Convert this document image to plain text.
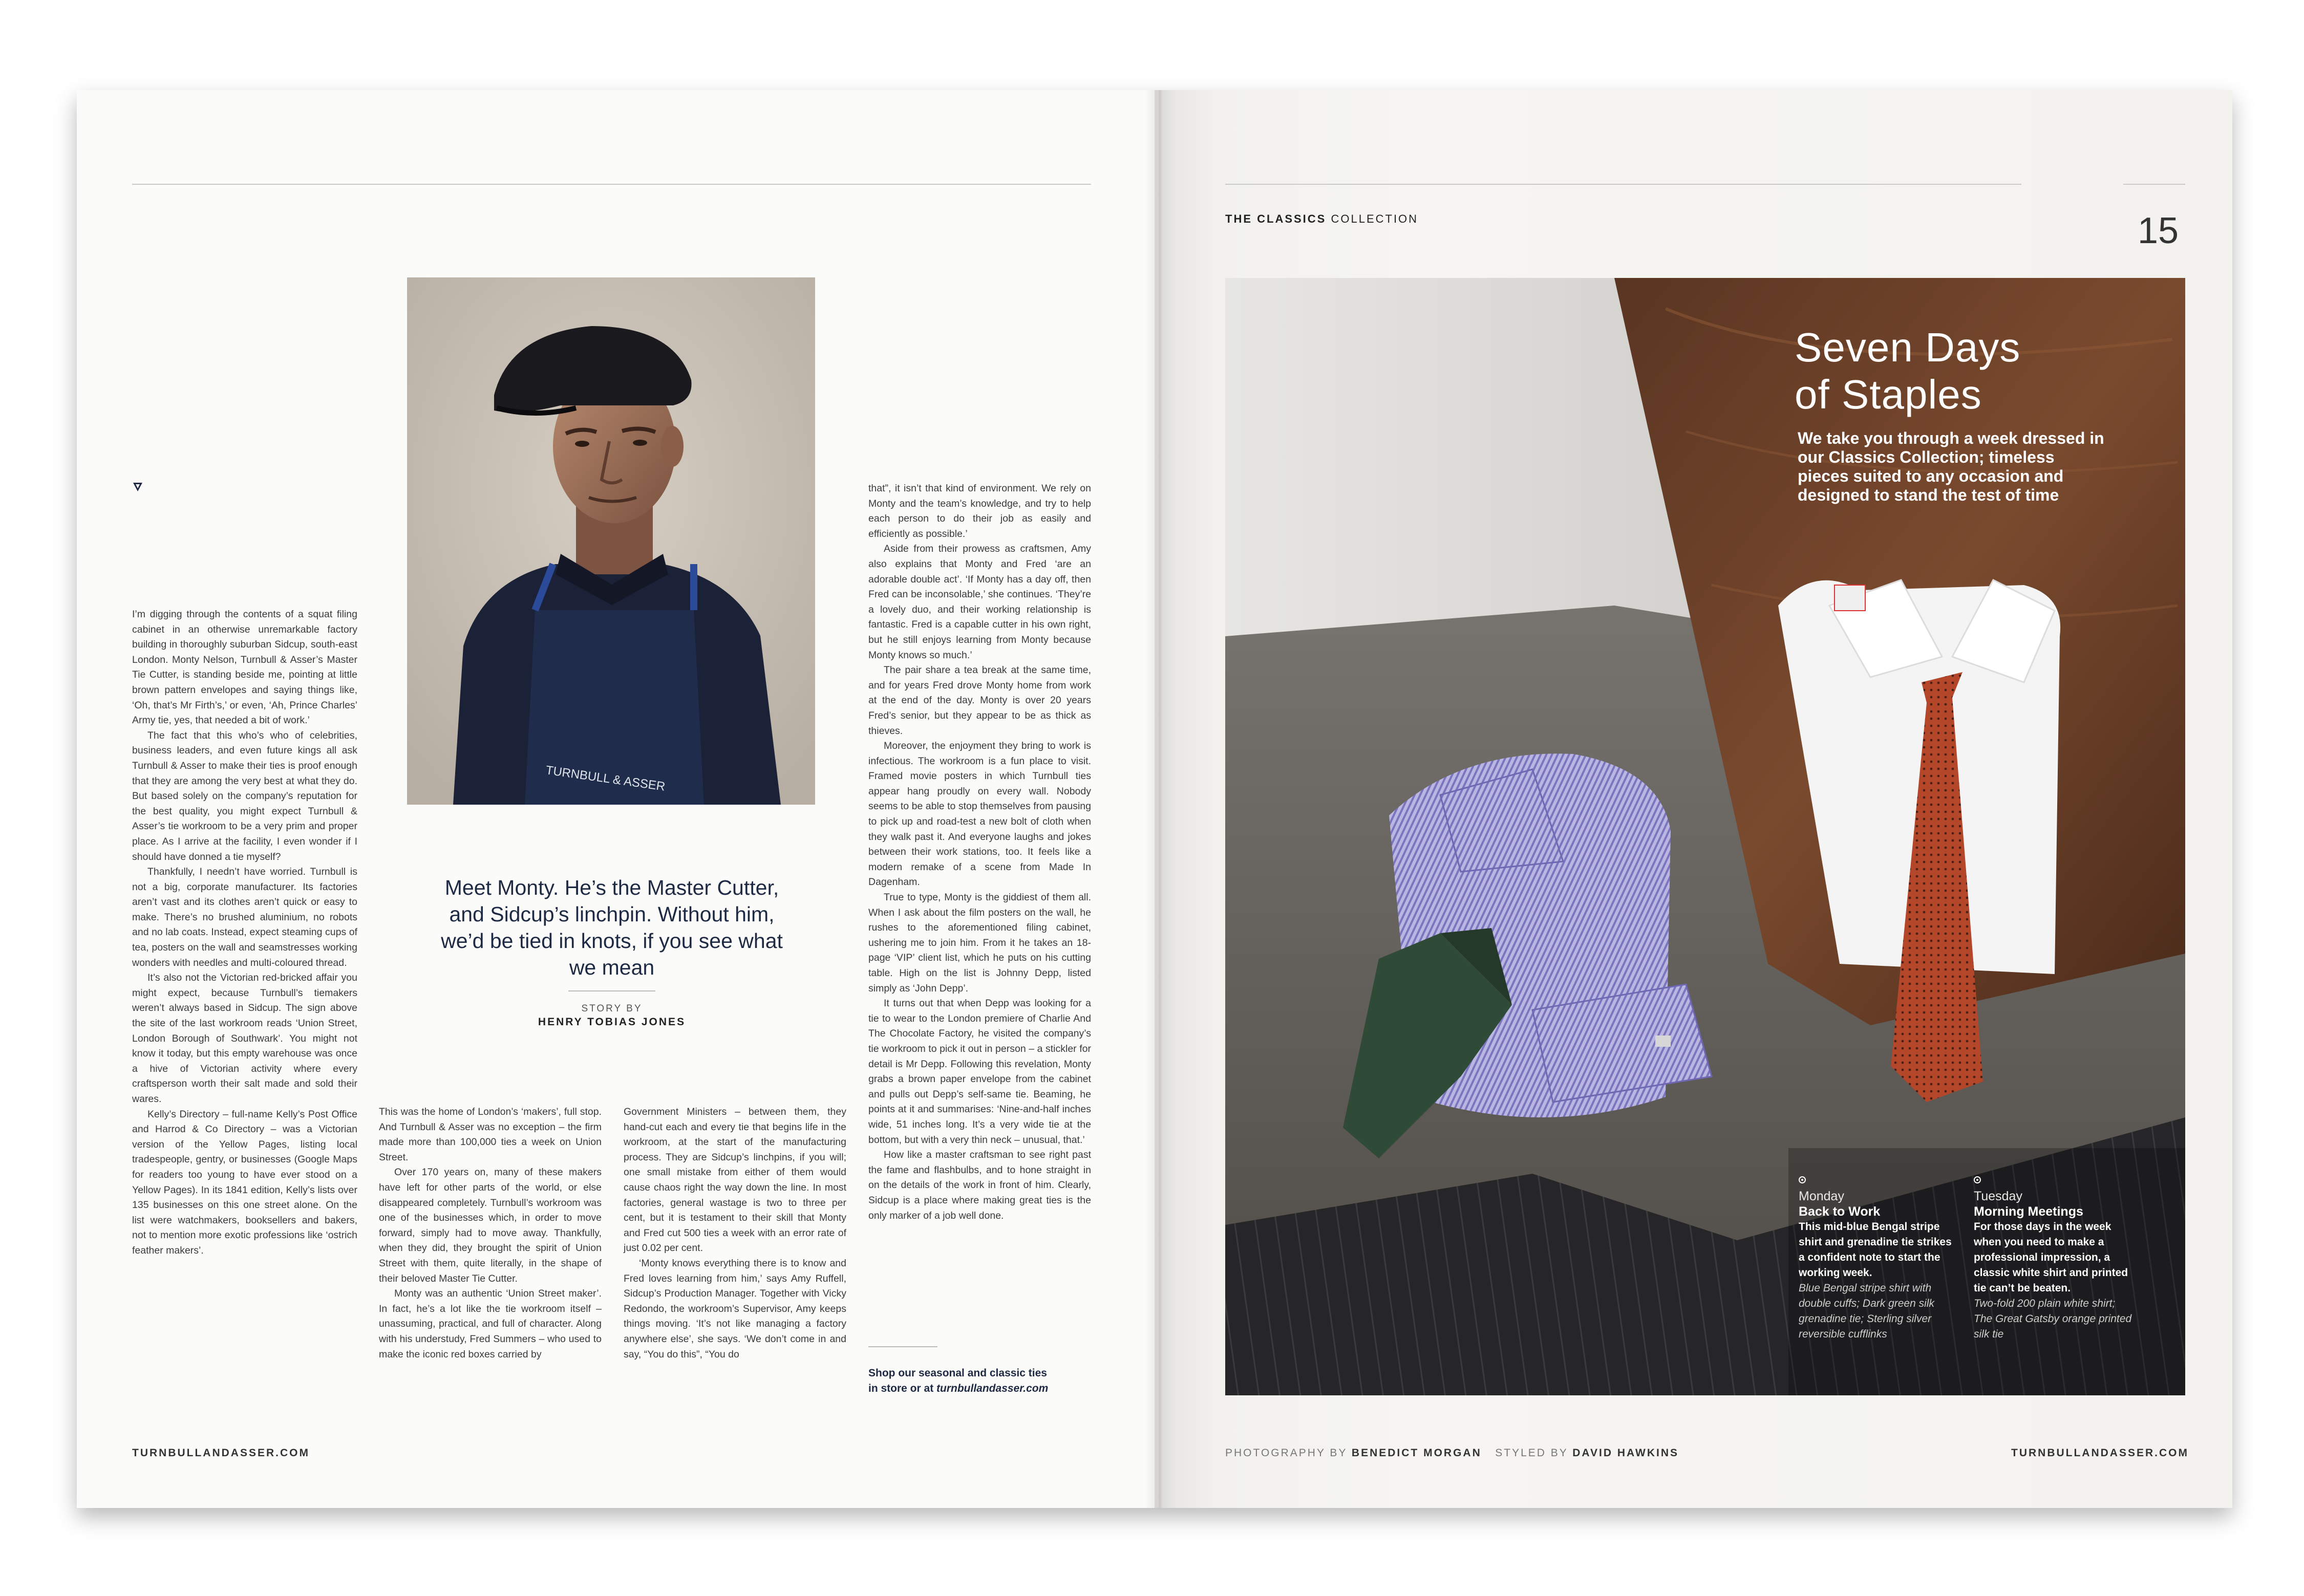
THE CLASSICS COLLECTION	15
TURNBULL & ASSER
Meet Monty. He’s the Master Cutter, and Sidcup’s linchpin. Without him, we’d be tied in knots, if you see what we mean
STORY BY
HENRY TOBIAS JONES

I’m digging through the contents of a squat filing cabinet in an otherwise unremarkable factory building in thoroughly suburban Sidcup, south-east London. Monty Nelson, Turnbull & Asser’s Master Tie Cutter, is standing beside me, pointing at little brown pattern envelopes and saying things like, ‘Oh, that’s Mr Firth’s,’ or even, ‘Ah, Prince Charles’ Army tie, yes, that needed a bit of work.’

The fact that this who’s who of celebrities, business leaders, and even future kings all ask Turnbull & Asser to make their ties is proof enough that they are among the very best at what they do. But based solely on the company’s reputation for the best quality, you might expect Turnbull & Asser’s tie workroom to be a very prim and proper place. As I arrive at the facility, I even wonder if I should have donned a tie myself?

Thankfully, I needn’t have worried. Turnbull is not a big, corporate manufacturer. Its factories aren’t vast and its clothes aren’t quick or easy to make. There’s no brushed aluminium, no robots and no lab coats. Instead, expect steaming cups of tea, posters on the wall and seamstresses working wonders with needles and multi-coloured thread.

It’s also not the Victorian red-bricked affair you might expect, because Turnbull’s tiemakers weren’t always based in Sidcup. The sign above the site of the last workroom reads ‘Union Street, London Borough of Southwark’. You might not know it today, but this empty warehouse was once a hive of Victorian activity where every craftsperson worth their salt made and sold their wares.

Kelly’s Directory – full-name Kelly’s Post Office and Harrod & Co Directory – was a Victorian version of the Yellow Pages, listing local tradespeople, gentry, or businesses (Google Maps for readers too young to have ever stood on a Yellow Pages). In its 1841 edition, Kelly’s lists over 135 businesses on this one street alone. On the list were watchmakers, booksellers and bakers, not to mention more exotic professions like ‘ostrich feather makers’.

This was the home of London’s ‘makers’, full stop. And Turnbull & Asser was no exception – the firm made more than 100,000 ties a week on Union Street.

Over 170 years on, many of these makers have left for other parts of the world, or else disappeared completely. Turnbull’s workroom was one of the businesses which, in order to move forward, simply had to move away. Thankfully, when they did, they brought the spirit of Union Street with them, quite literally, in the shape of their beloved Master Tie Cutter.

Monty was an authentic ‘Union Street maker’. In fact, he’s a lot like the tie workroom itself – unassuming, practical, and full of character. Along with his understudy, Fred Summers – who used to make the iconic red boxes carried by

Government Ministers – between them, they hand-cut each and every tie that begins life in the workroom, at the start of the manufacturing process. They are Sidcup’s linchpins, if you will; one small mistake from either of them would cause chaos right the way down the line. In most factories, general wastage is two to three per cent, but it is testament to their skill that Monty and Fred cut 500 ties a week with an error rate of just 0.02 per cent.

‘Monty knows everything there is to know and Fred loves learning from him,’ says Amy Ruffell, Sidcup’s Production Manager. Together with Vicky Redondo, the workroom’s Supervisor, Amy keeps things moving. ‘It’s not like managing a factory anywhere else’, she says. ‘We don’t come in and say, “You do this”, “You do

that”, it isn’t that kind of environment. We rely on Monty and the team’s knowledge, and try to help each person to do their job as easily and efficiently as possible.’

Aside from their prowess as craftsmen, Amy also explains that Monty and Fred ‘are an adorable double act’. ‘If Monty has a day off, then Fred can be inconsolable,’ she continues. ‘They’re a lovely duo, and their working relationship is fantastic. Fred is a capable cutter in his own right, but he still enjoys learning from Monty because Monty knows so much.’

The pair share a tea break at the same time, and for years Fred drove Monty home from work at the end of the day. Monty is over 20 years Fred’s senior, but they appear to be as thick as thieves.

Moreover, the enjoyment they bring to work is infectious. The workroom is a fun place to visit. Framed movie posters in which Turnbull ties appear hang proudly on every wall. Nobody seems to be able to stop themselves from pausing to pick up and road-test a new bolt of cloth when they walk past it. And everyone laughs and jokes between their work stations, too. It feels like a modern remake of a scene from Made In Dagenham.

True to type, Monty is the giddiest of them all. When I ask about the film posters on the wall, he rushes to the aforementioned filing cabinet, ushering me to join him. From it he takes an 18-page ‘VIP’ client list, which he puts on his cutting table. High on the list is Johnny Depp, listed simply as ‘John Depp’.

It turns out that when Depp was looking for a tie to wear to the London premiere of Charlie And The Chocolate Factory, he visited the company’s tie workroom to pick it out in person – a stickler for detail is Mr Depp. Following this revelation, Monty grabs a brown paper envelope from the cabinet and pulls out Depp’s self-same tie. Beaming, he points at it and summarises: ‘Nine-and-half inches wide, 51 inches long. It’s a very wide tie at the bottom, but with a very thin neck – unusual, that.’

How like a master craftsman to see right past the fame and flashbulbs, and to hone straight in on the details of the work in front of him. Clearly, Sidcup is a place where making great ties is the only marker of a job well done.

Shop our seasonal and classic ties
in store or at turnbullandasser.com
TURNBULLANDASSER.COM
Seven Days
of Staples
We take you through a week dressed in our Classics Collection; timeless pieces suited to any occasion and designed to stand the test of time
Monday
Back to Work
This mid-blue Bengal stripe shirt and grenadine tie strikes a confident note to start the working week.
Blue Bengal stripe shirt with double cuffs; Dark green silk grenadine tie; Sterling silver reversible cufflinks
Tuesday
Morning Meetings
For those days in the week when you need to make a professional impression, a classic white shirt and printed tie can’t be beaten.
Two-fold 200 plain white shirt; The Great Gatsby orange printed silk tie
PHOTOGRAPHY BY BENEDICT MORGAN STYLED BY DAVID HAWKINS	TURNBULLANDASSER.COM
